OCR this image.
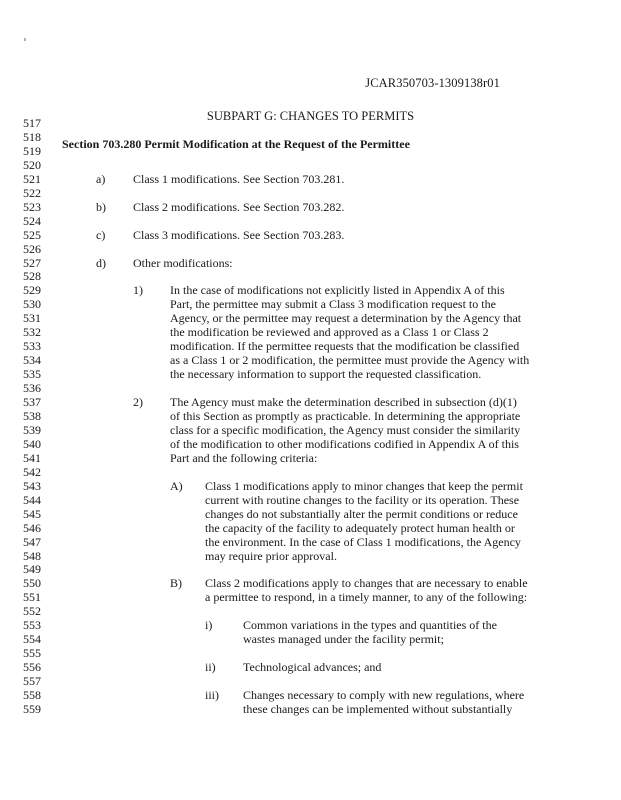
JCAR350703-1309138r01
517
518
519
520
521
522
523
524
525
526
527
528
529
530
531
532
533
534
535
536
537
538
539
540
541
542
543
544
545
546
547
548
549
550
551
552
553
554
555
556
557
558
559
SUBPART G: CHANGES TO PERMITS
Section 703.280 Permit Modification at the Request of the Permittee
a) Class 1 modifications. See Section 703.281.
b) Class 2 modifications. See Section 703.282.
c) Class 3 modifications. See Section 703.283.
d) Other modifications:
1) In the case of modifications not explicitly listed in Appendix A of this
Part, the permittee may submit a Class 3 modification request to the
Agency, or the permittee may request a determination by the Agency that
the modification be reviewed and approved as a Class 1 or Class 2
modification. If the permittee requests that the modification be classified
as a Class 1 or 2 modification, the permittee must provide the Agency with
the necessary information to support the requested classification.
2) The Agency must make the determination described in subsection (d)(1)
of this Section as promptly as practicable. In determining the appropriate
class for a specific modification, the Agency must consider the similarity
of the modification to other modifications codified in Appendix A of this
Part and the following criteria:
A) Class 1 modifications apply to minor changes that keep the permit
current with routine changes to the facility or its operation. These
changes do not substantially alter the permit conditions or reduce
the capacity of the facility to adequately protect human health or
the environment. In the case of Class 1 modifications, the Agency
may require prior approval.
B) Class 2 modifications apply to changes that are necessary to enable
a permittee to respond, in a timely manner, to any of the following:
i)	Common variations in the types and quantities of the
wastes managed under the facility permit;
ii) Technological advances; and
iii) Changes necessary to comply with new regulations, where
these changes can be implemented without substantially
